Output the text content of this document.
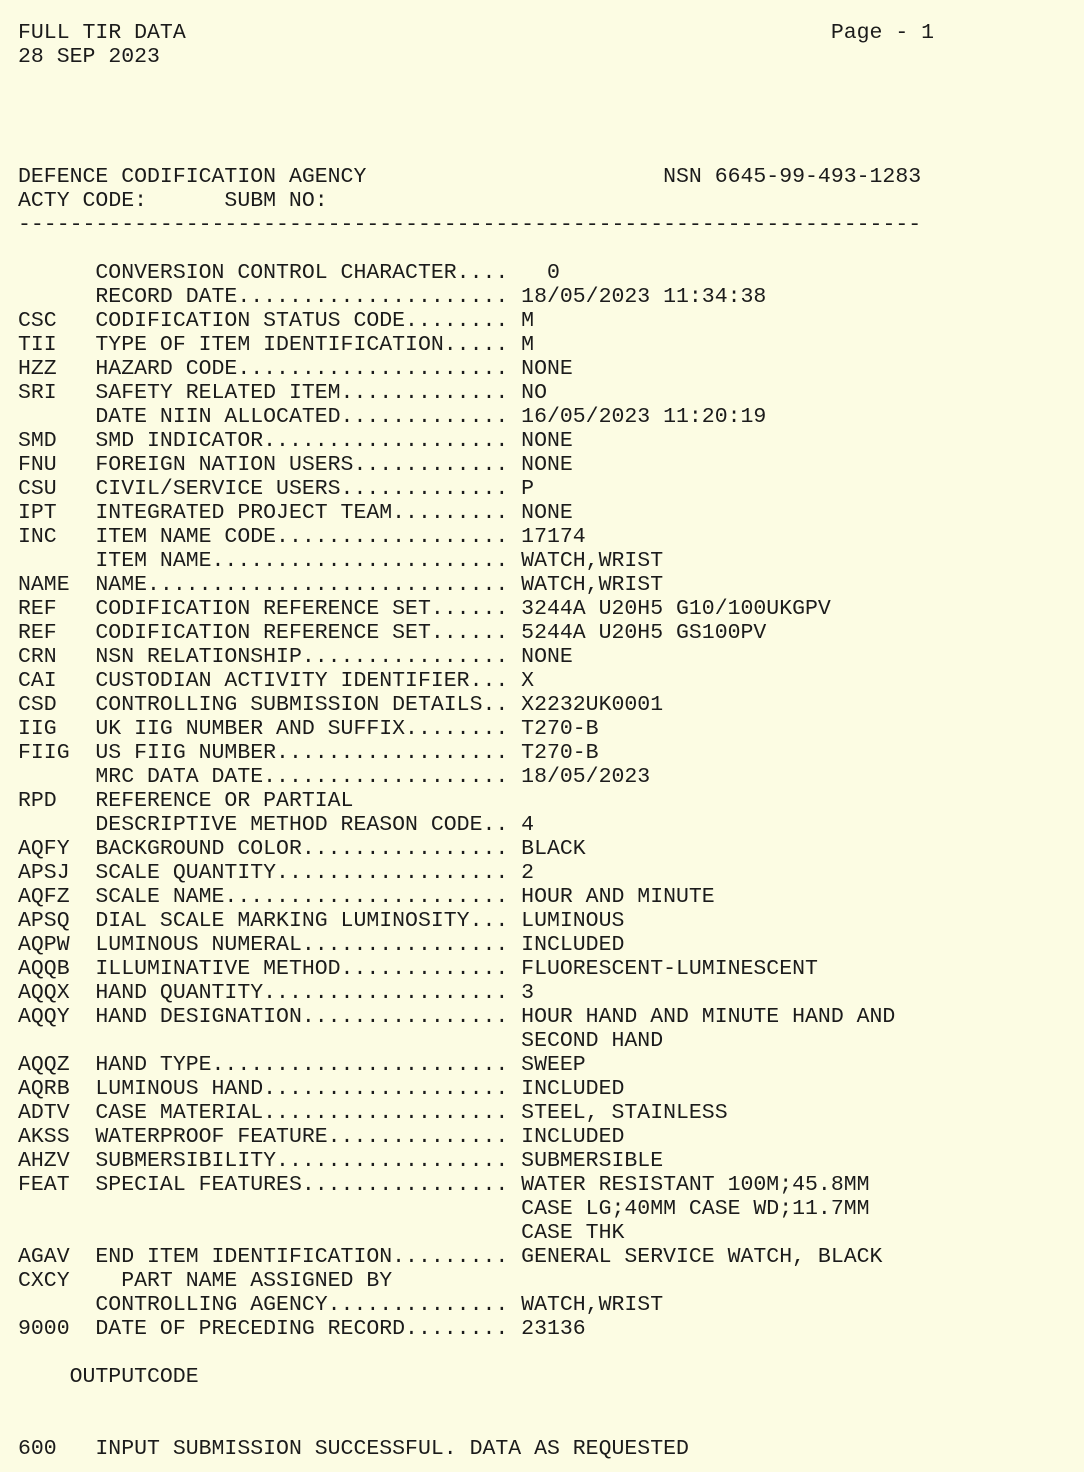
FULL TIR DATA	Page - 1
28 SEP 2023
DEFENCE CODIFICATION AGENCY	NSN 6645-99-493-1283
ACTY CODE:	SUBM NO:
----------------------------------------------------------------------
CONVERSION CONTROL CHARACTER....  0
RECORD DATE..................... 18/05/2023 11:34:38
CSC CODIFICATION STATUS CODE........ M
TII TYPE OF ITEM IDENTIFICATION..... M
HZZ HAZARD CODE..................... NONE
SRI SAFETY RELATED ITEM............. NO
DATE NIIN ALLOCATED............. 16/05/2023 11:20:19
SMD SMD INDICATOR................... NONE
FNU FOREIGN NATION USERS............ NONE
CSU CIVIL/SERVICE USERS............. P
IPT INTEGRATED PROJECT TEAM......... NONE
INC ITEM NAME CODE.................. 17174
ITEM NAME....................... WATCH,WRIST
NAME NAME............................ WATCH,WRIST
REF CODIFICATION REFERENCE SET...... 3244A U20H5 G10/100UKGPV
REF CODIFICATION REFERENCE SET...... 5244A U20H5 GS100PV
CRN NSN RELATIONSHIP................ NONE
CAI CUSTODIAN ACTIVITY IDENTIFIER... X
CSD CONTROLLING SUBMISSION DETAILS.. X2232UK0001
IIG UK IIG NUMBER AND SUFFIX........ T270-B
FIIG US FIIG NUMBER.................. T270-B
MRC DATA DATE................... 18/05/2023
RPD REFERENCE OR PARTIAL
DESCRIPTIVE METHOD REASON CODE.. 4
AQFY BACKGROUND COLOR................ BLACK
APSJ SCALE QUANTITY.................. 2
AQFZ SCALE NAME...................... HOUR AND MINUTE
APSQ DIAL SCALE MARKING LUMINOSITY... LUMINOUS
AQPW LUMINOUS NUMERAL................ INCLUDED
AQQB ILLUMINATIVE METHOD............. FLUORESCENT-LUMINESCENT
AQQX HAND QUANTITY................... 3
AQQY HAND DESIGNATION................ HOUR HAND AND MINUTE HAND AND
SECOND HAND
AQQZ HAND TYPE....................... SWEEP
AQRB LUMINOUS HAND................... INCLUDED
ADTV CASE MATERIAL................... STEEL, STAINLESS
AKSS WATERPROOF FEATURE.............. INCLUDED
AHZV SUBMERSIBILITY.................. SUBMERSIBLE
FEAT SPECIAL FEATURES................ WATER RESISTANT 100M;45.8MM
CASE LG;40MM CASE WD;11.7MM
CASE THK
AGAV END ITEM IDENTIFICATION......... GENERAL SERVICE WATCH, BLACK
CXCY  PART NAME ASSIGNED BY
CONTROLLING AGENCY.............. WATCH,WRIST
9000 DATE OF PRECEDING RECORD........ 23136
OUTPUTCODE
600 INPUT SUBMISSION SUCCESSFUL. DATA AS REQUESTED
